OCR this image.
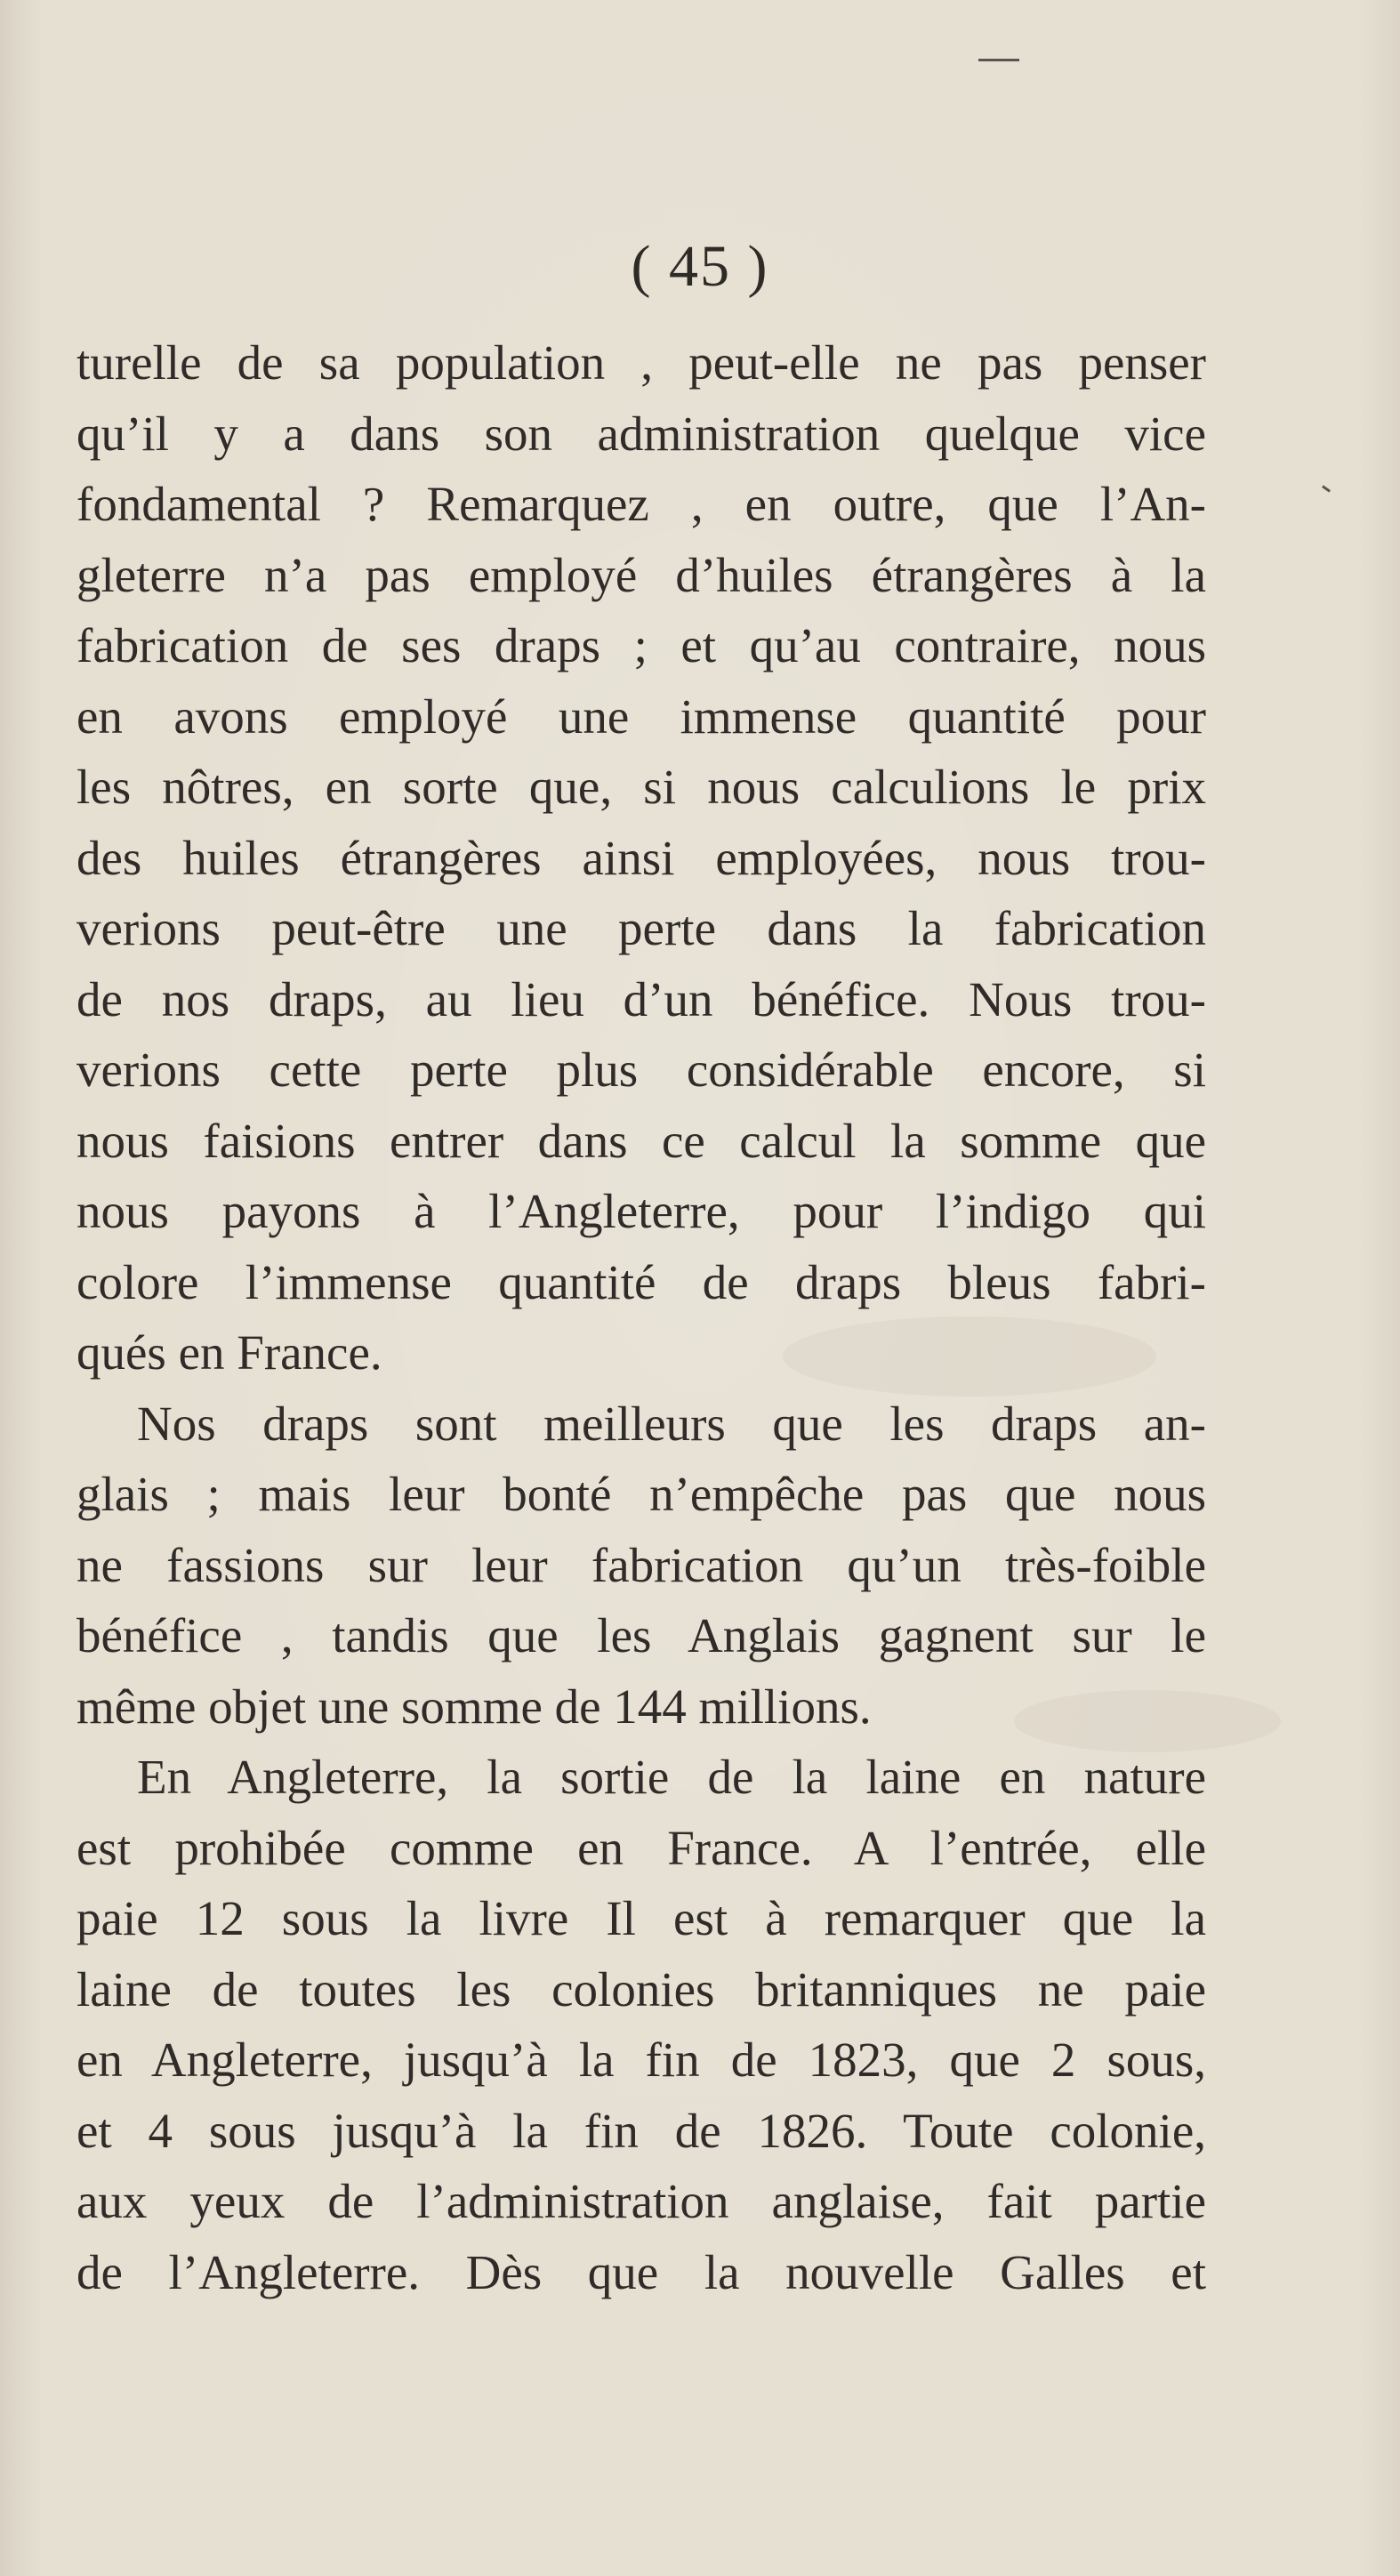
( 45 )
turelle de sa population , peut-elle ne pas penser
qu’il y a dans son administration quelque vice
fondamental ? Remarquez , en outre, que l’An-
gleterre n’a pas employé d’huiles étrangères à la
fabrication de ses draps ; et qu’au contraire, nous
en avons employé une immense quantité pour
les nôtres, en sorte que, si nous calculions le prix
des huiles étrangères ainsi employées, nous trou-
verions peut-être une perte dans la fabrication
de nos draps, au lieu d’un bénéfice. Nous trou-
verions cette perte plus considérable encore, si
nous faisions entrer dans ce calcul la somme que
nous payons à l’Angleterre, pour l’indigo qui
colore l’immense quantité de draps bleus fabri-
qués en France.
Nos draps sont meilleurs que les draps an-
glais ; mais leur bonté n’empêche pas que nous
ne fassions sur leur fabrication qu’un très-foible
bénéfice , tandis que les Anglais gagnent sur le
même objet une somme de 144 millions.
En Angleterre, la sortie de la laine en nature
est prohibée comme en France. A l’entrée, elle
paie 12 sous la livre Il est à remarquer que la
laine de toutes les colonies britanniques ne paie
en Angleterre, jusqu’à la fin de 1823, que 2 sous,
et 4 sous jusqu’à la fin de 1826. Toute colonie,
aux yeux de l’administration anglaise, fait partie
de l’Angleterre. Dès que la nouvelle Galles et
